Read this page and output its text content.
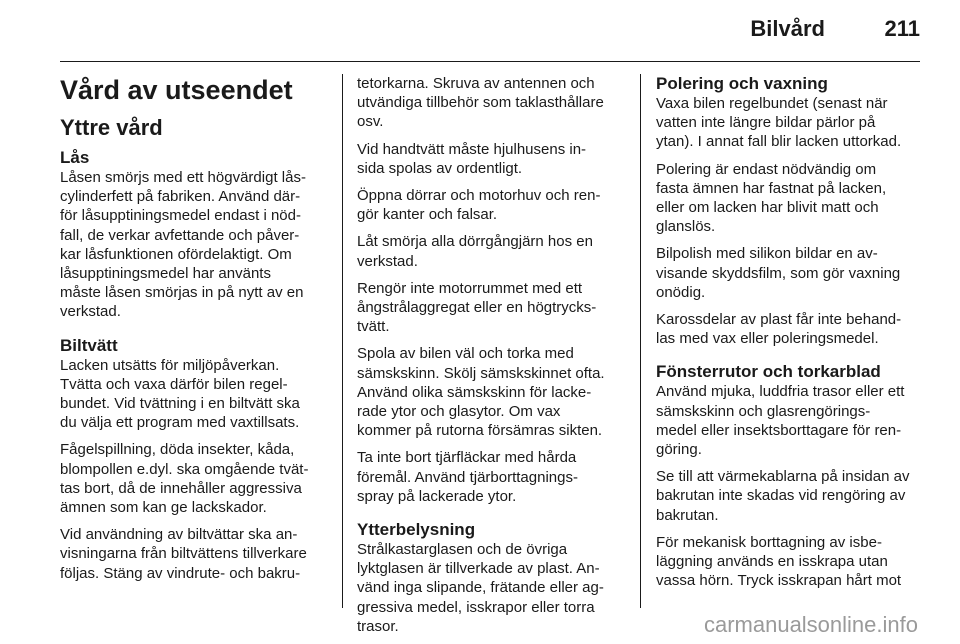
Bilvård	211
Vård av utseendet
Yttre vård
Lås

Låsen smörjs med ett högvärdigt lås-
cylinderfett på fabriken. Använd där-
för låsupptiningsmedel endast i nöd-
fall, de verkar avfettande och påver-
kar låsfunktionen ofördelaktigt. Om
låsupptiningsmedel har använts
måste låsen smörjas in på nytt av en
verkstad.

Biltvätt

Lacken utsätts för miljöpåverkan.
Tvätta och vaxa därför bilen regel-
bundet. Vid tvättning i en biltvätt ska
du välja ett program med vaxtillsats.

Fågelspillning, döda insekter, kåda,
blompollen e.dyl. ska omgående tvät-
tas bort, då de innehåller aggressiva
ämnen som kan ge lackskador.

Vid användning av biltvättar ska an-
visningarna från biltvättens tillverkare
följas. Stäng av vindrute- och bakru-

tetorkarna. Skruva av antennen och
utvändiga tillbehör som taklasthållare
osv.

Vid handtvätt måste hjulhusens in-
sida spolas av ordentligt.

Öppna dörrar och motorhuv och ren-
gör kanter och falsar.

Låt smörja alla dörrgångjärn hos en
verkstad.

Rengör inte motorrummet med ett
ångstrålaggregat eller en högtrycks-
tvätt.

Spola av bilen väl och torka med
sämskskinn. Skölj sämskskinnet ofta.
Använd olika sämskskinn för lacke-
rade ytor och glasytor. Om vax
kommer på rutorna försämras sikten.

Ta inte bort tjärfläckar med hårda
föremål. Använd tjärborttagnings-
spray på lackerade ytor.

Ytterbelysning

Strålkastarglasen och de övriga
lyktglasen är tillverkade av plast. An-
vänd inga slipande, frätande eller ag-
gressiva medel, isskrapor eller torra
trasor.

Polering och vaxning

Vaxa bilen regelbundet (senast när
vatten inte längre bildar pärlor på
ytan). I annat fall blir lacken uttorkad.

Polering är endast nödvändig om
fasta ämnen har fastnat på lacken,
eller om lacken har blivit matt och
glanslös.

Bilpolish med silikon bildar en av-
visande skyddsfilm, som gör vaxning
onödig.

Karossdelar av plast får inte behand-
las med vax eller poleringsmedel.

Fönsterrutor och torkarblad

Använd mjuka, luddfria trasor eller ett
sämskskinn och glasrengörings-
medel eller insektsborttagare för ren-
göring.

Se till att värmekablarna på insidan av
bakrutan inte skadas vid rengöring av
bakrutan.

För mekanisk borttagning av isbe-
läggning används en isskrapa utan
vassa hörn. Tryck isskrapan hårt mot

carmanualsonline.info
